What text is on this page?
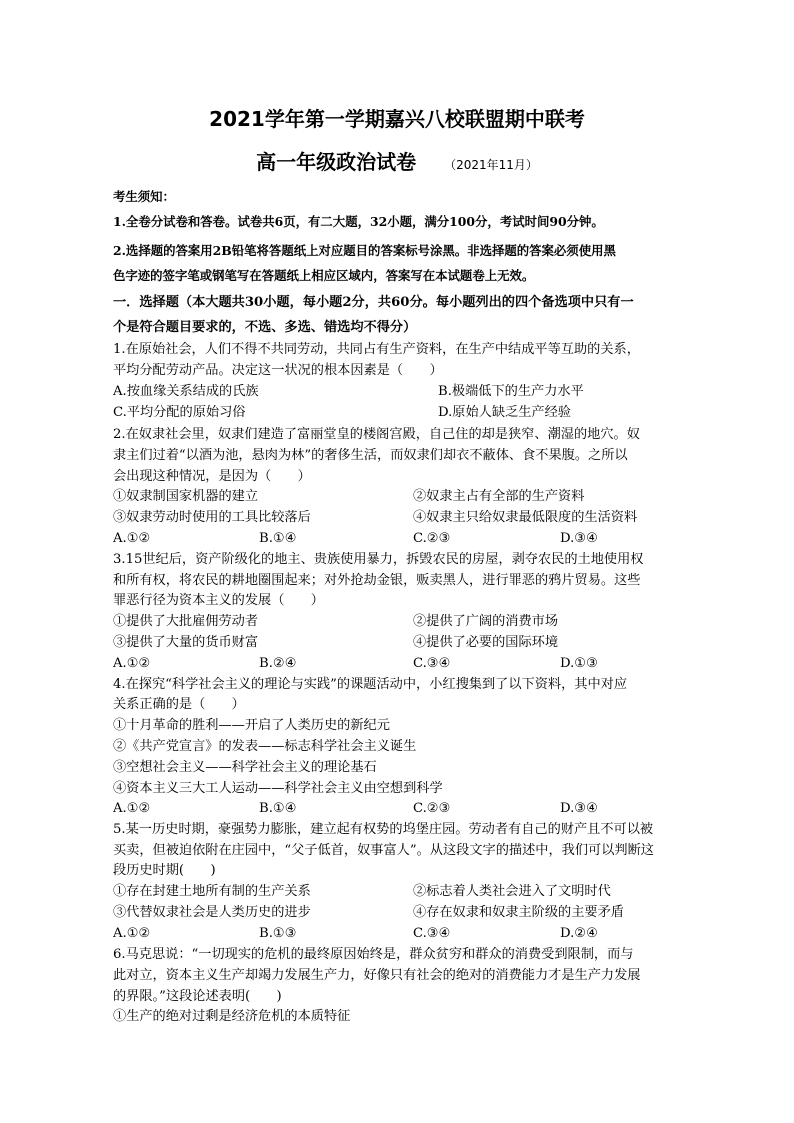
2021学年第一学期嘉兴八校联盟期中联考
高一年级政治试卷 （2021年11月）
考生须知：
1.全卷分试卷和答卷。试卷共6页，有二大题，32小题，满分100分，考试时间90分钟。
2.选择题的答案用2B铅笔将答题纸上对应题目的答案标号涂黑。非选择题的答案必须使用黑
色字迹的签字笔或钢笔写在答题纸上相应区域内，答案写在本试题卷上无效。
一．选择题（本大题共30小题，每小题2分，共60分。每小题列出的四个备选项中只有一
个是符合题目要求的，不选、多选、错选均不得分）
1.在原始社会，人们不得不共同劳动，共同占有生产资料，在生产中结成平等互助的关系，
平均分配劳动产品。决定这一状况的根本因素是（　　）
A.按血缘关系结成的氏族	B.极端低下的生产力水平
C.平均分配的原始习俗	D.原始人缺乏生产经验
2.在奴隶社会里，奴隶们建造了富丽堂皇的楼阁宫殿，自己住的却是狭窄、潮湿的地穴。奴
隶主们过着“以酒为池，悬肉为林”的奢侈生活，而奴隶们却衣不蔽体、食不果腹。之所以
会出现这种情况，是因为（　　）
①奴隶制国家机器的建立	②奴隶主占有全部的生产资料
③奴隶劳动时使用的工具比较落后	④奴隶主只给奴隶最低限度的生活资料
A.①②	B.①④	C.②③	D.③④
3.15世纪后，资产阶级化的地主、贵族使用暴力，拆毁农民的房屋，剥夺农民的土地使用权
和所有权，将农民的耕地圈围起来；对外抢劫金银，贩卖黑人，进行罪恶的鸦片贸易。这些
罪恶行径为资本主义的发展（　　）
①提供了大批雇佣劳动者	②提供了广阔的消费市场
③提供了大量的货币财富	④提供了必要的国际环境
A.①②	B.②④	C.③④	D.①③
4.在探究“科学社会主义的理论与实践”的课题活动中，小红搜集到了以下资料，其中对应
关系正确的是（　　）
①十月革命的胜利——开启了人类历史的新纪元
②《共产党宣言》的发表——标志科学社会主义诞生
③空想社会主义——科学社会主义的理论基石
④资本主义三大工人运动——科学社会主义由空想到科学
A.①②	B.①④	C.②③	D.③④
5.某一历史时期，豪强势力膨胀，建立起有权势的坞堡庄园。劳动者有自己的财产且不可以被
买卖，但被迫依附在庄园中，“父子低首，奴事富人”。从这段文字的描述中，我们可以判断这
段历史时期(　　)
①存在封建土地所有制的生产关系	②标志着人类社会进入了文明时代
③代替奴隶社会是人类历史的进步	④存在奴隶和奴隶主阶级的主要矛盾
A.①②	B.①③	C.③④	D.②④
6.马克思说：“一切现实的危机的最终原因始终是，群众贫穷和群众的消费受到限制，而与
此对立，资本主义生产却竭力发展生产力，好像只有社会的绝对的消费能力才是生产力发展
的界限。”这段论述表明(　　)
①生产的绝对过剩是经济危机的本质特征
